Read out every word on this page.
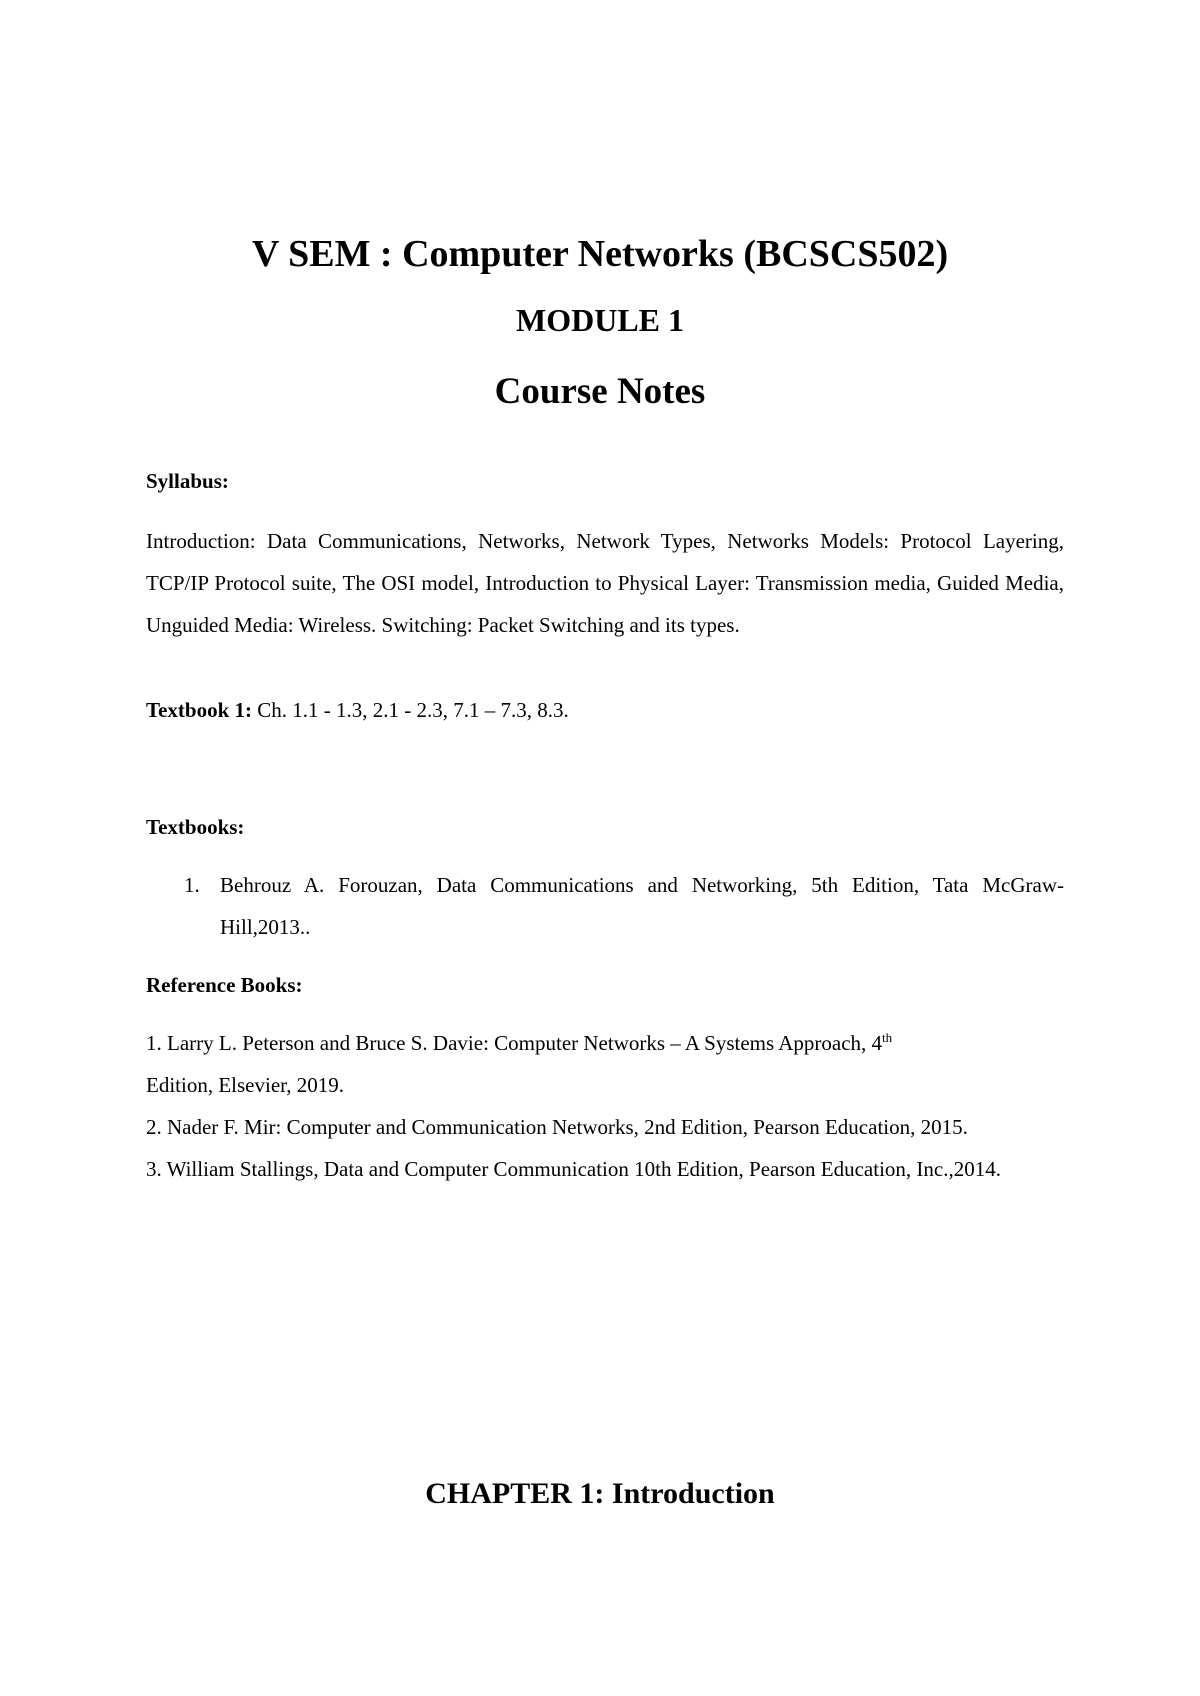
V SEM : Computer Networks (BCSCS502)
MODULE 1
Course Notes
Syllabus:
Introduction: Data Communications, Networks, Network Types, Networks Models: Protocol Layering, TCP/IP Protocol suite, The OSI model, Introduction to Physical Layer: Transmission media, Guided Media, Unguided Media: Wireless. Switching: Packet Switching and its types.
Textbook 1: Ch. 1.1 - 1.3, 2.1 - 2.3, 7.1 – 7.3, 8.3.
Textbooks:
1. Behrouz A. Forouzan, Data Communications and Networking, 5th Edition, Tata McGraw-Hill,2013..
Reference Books:
1. Larry L. Peterson and Bruce S. Davie: Computer Networks – A Systems Approach, 4th
Edition, Elsevier, 2019.
2. Nader F. Mir: Computer and Communication Networks, 2nd Edition, Pearson Education, 2015.
3. William Stallings, Data and Computer Communication 10th Edition, Pearson Education, Inc.,2014.
CHAPTER 1: Introduction
